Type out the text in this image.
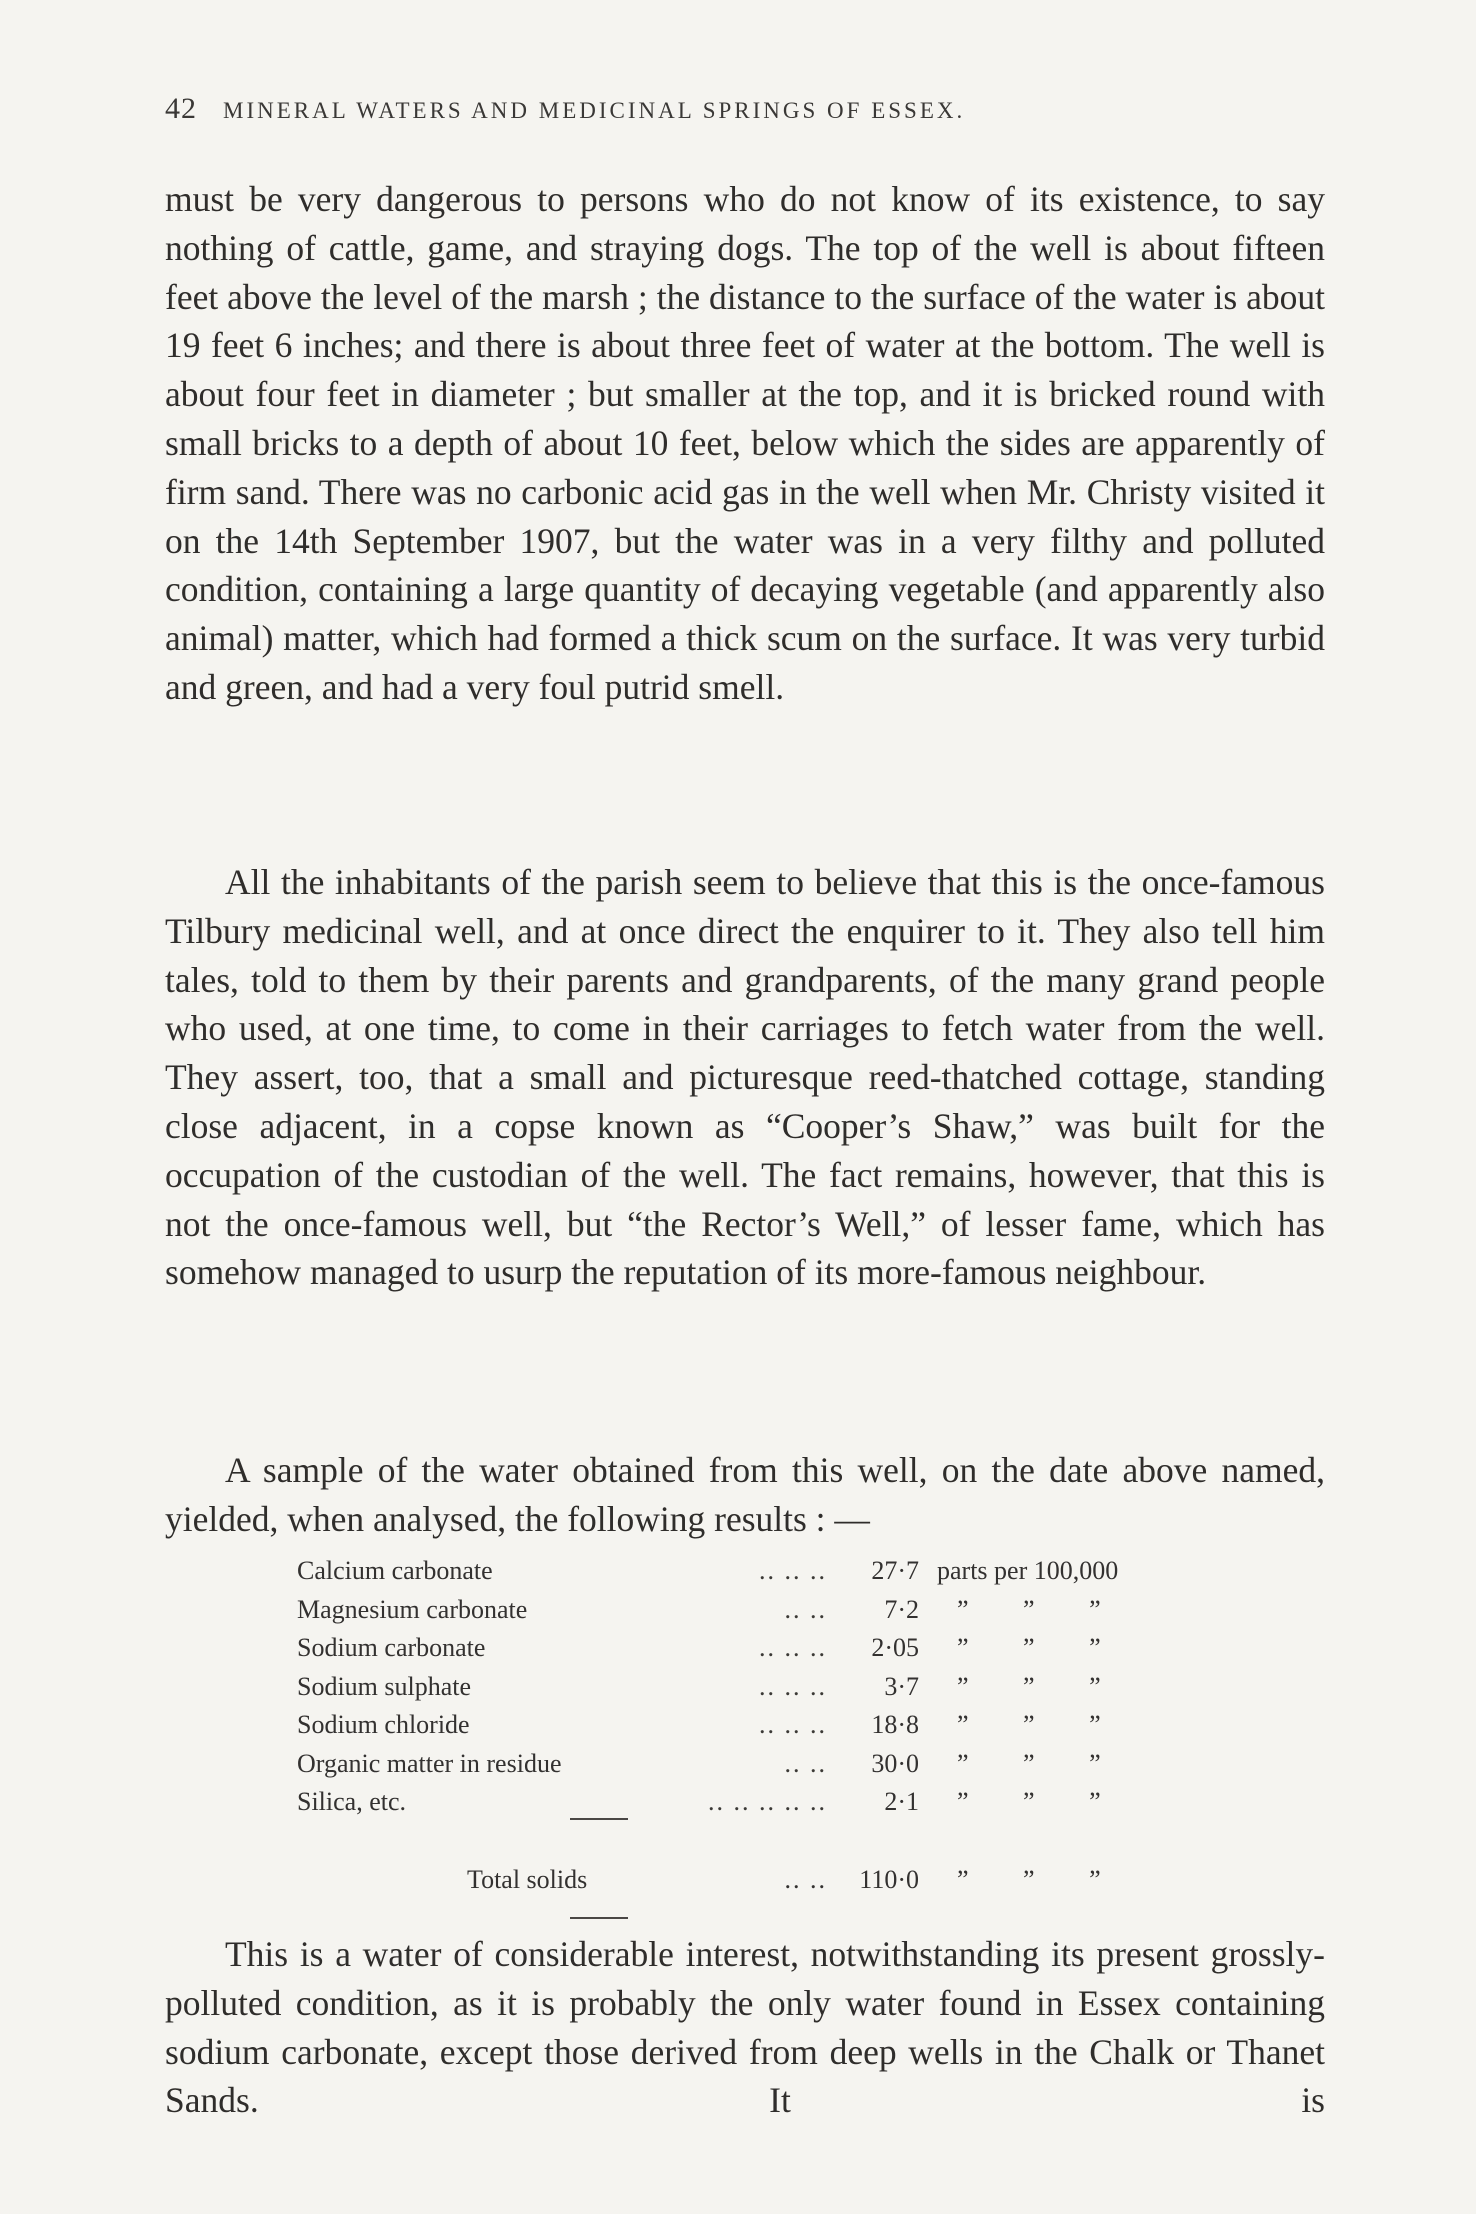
42 MINERAL WATERS AND MEDICINAL SPRINGS OF ESSEX.

must be very dangerous to persons who do not know of its existence, to say nothing of cattle, game, and straying dogs. The top of the well is about fifteen feet above the level of the marsh ; the distance to the surface of the water is about 19 feet 6 inches; and there is about three feet of water at the bottom. The well is about four feet in diameter ; but smaller at the top, and it is bricked round with small bricks to a depth of about 10 feet, below which the sides are apparently of firm sand. There was no carbonic acid gas in the well when Mr. Christy visited it on the 14th September 1907, but the water was in a very filthy and polluted condition, containing a large quantity of decaying vegetable (and apparently also animal) matter, which had formed a thick scum on the surface. It was very turbid and green, and had a very foul putrid smell.

All the inhabitants of the parish seem to believe that this is the once-famous Tilbury medicinal well, and at once direct the enquirer to it. They also tell him tales, told to them by their parents and grandparents, of the many grand people who used, at one time, to come in their carriages to fetch water from the well. They assert, too, that a small and picturesque reed-thatched cottage, standing close adjacent, in a copse known as “Cooper’s Shaw,” was built for the occupation of the custodian of the well. The fact remains, however, that this is not the once-famous well, but “the Rector’s Well,” of lesser fame, which has somehow managed to usurp the reputation of its more-famous neighbour.

A sample of the water obtained from this well, on the date above named, yielded, when analysed, the following results : —

Calcium carbonate	.. .. ..	27·7 parts per 100,000
Magnesium carbonate	.. ..	7·2 ” ” ”
Sodium carbonate	.. .. ..	2·05 ” ” ”
Sodium sulphate	.. .. ..	3·7 ” ” ”
Sodium chloride	.. .. ..	18·8 ” ” ”
Organic matter in residue	.. ..	30·0 ” ” ”
Silica, etc.	.. .. .. .. ..	2·1 ” ” ”
Total solids	.. ..	110·0 ” ” ”

This is a water of considerable interest, notwithstanding its present grossly-polluted condition, as it is probably the only water found in Essex containing sodium carbonate, except those derived from deep wells in the Chalk or Thanet Sands. It is
